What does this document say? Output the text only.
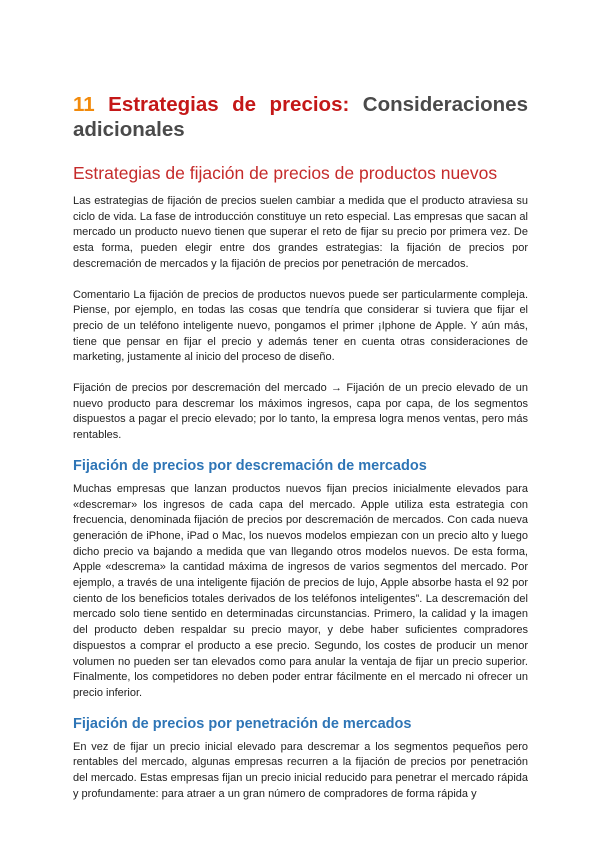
11 Estrategias de precios: Consideraciones adicionales
Estrategias de fijación de precios de productos nuevos

Las estrategias de fijación de precios suelen cambiar a medida que el producto atraviesa su ciclo de vida. La fase de introducción constituye un reto especial. Las empresas que sacan al mercado un producto nuevo tienen que superar el reto de fijar su precio por primera vez. De esta forma, pueden elegir entre dos grandes estrategias: la fijación de precios por descremación de mercados y la fijación de precios por penetración de mercados.

Comentario La fijación de precios de productos nuevos puede ser particularmente compleja. Piense, por ejemplo, en todas las cosas que tendría que considerar si tuviera que fijar el precio de un teléfono inteligente nuevo, pongamos el primer ¡Iphone de Apple. Y aún más, tiene que pensar en fijar el precio y además tener en cuenta otras consideraciones de marketing, justamente al inicio del proceso de diseño.

Fijación de precios por descremación del mercado → Fijación de un precio elevado de un nuevo producto para descremar los máximos ingresos, capa por capa, de los segmentos dispuestos a pagar el precio elevado; por lo tanto, la empresa logra menos ventas, pero más rentables.

Fijación de precios por descremación de mercados

Muchas empresas que lanzan productos nuevos fijan precios inicialmente elevados para «descremar» los ingresos de cada capa del mercado. Apple utiliza esta estrategia con frecuencia, denominada fijación de precios por descremación de mercados. Con cada nueva generación de iPhone, iPad o Mac, los nuevos modelos empiezan con un precio alto y luego dicho precio va bajando a medida que van llegando otros modelos nuevos. De esta forma, Apple «descrema» la cantidad máxima de ingresos de varios segmentos del mercado. Por ejemplo, a través de una inteligente fijación de precios de lujo, Apple absorbe hasta el 92 por ciento de los beneficios totales derivados de los teléfonos inteligentes”. La descremación del mercado solo tiene sentido en determinadas circunstancias. Primero, la calidad y la imagen del producto deben respaldar su precio mayor, y debe haber suficientes compradores dispuestos a comprar el producto a ese precio. Segundo, los costes de producir un menor volumen no pueden ser tan elevados como para anular la ventaja de fijar un precio superior. Finalmente, los competidores no deben poder entrar fácilmente en el mercado ni ofrecer un precio inferior.

Fijación de precios por penetración de mercados

En vez de fijar un precio inicial elevado para descremar a los segmentos pequeños pero rentables del mercado, algunas empresas recurren a la fijación de precios por penetración del mercado. Estas empresas fijan un precio inicial reducido para penetrar el mercado rápida y profundamente: para atraer a un gran número de compradores de forma rápida y
